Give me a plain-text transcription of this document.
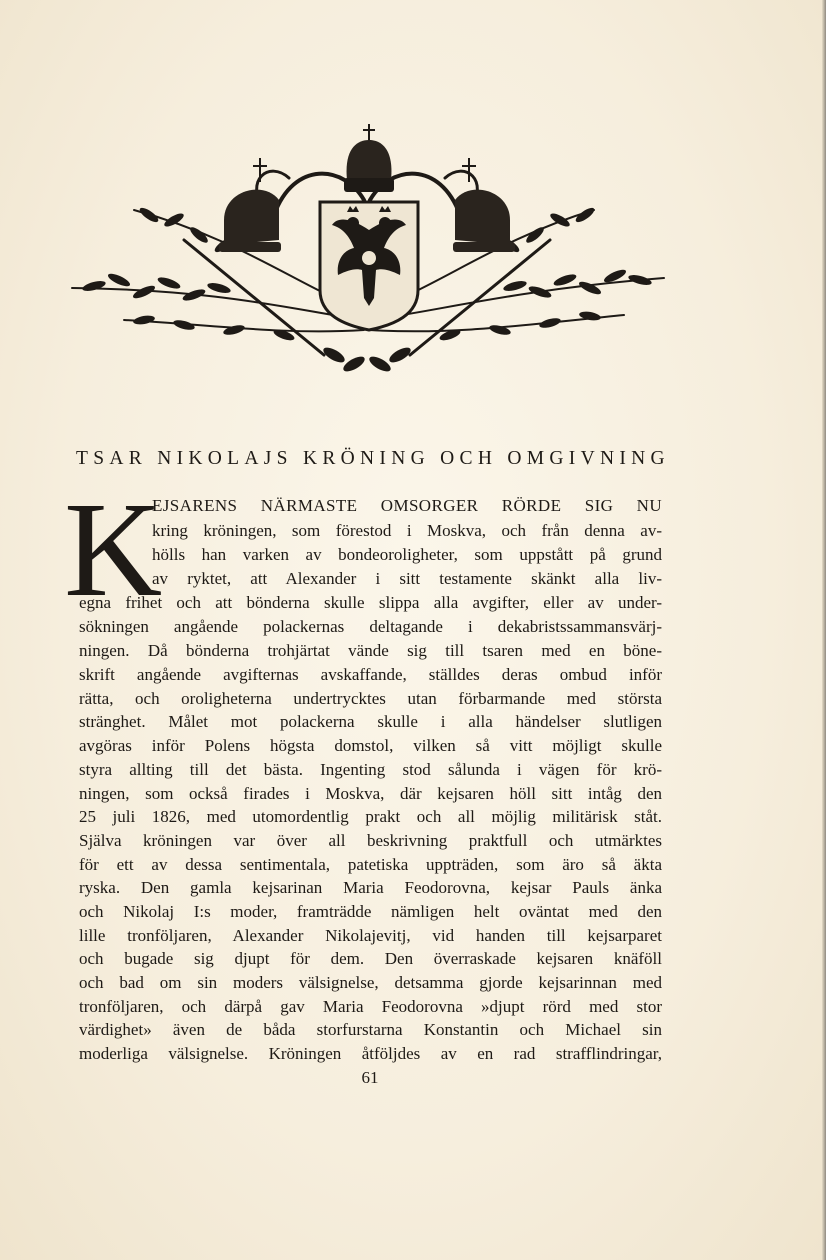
TSAR NIKOLAJS KRÖNING OCH OMGIVNING
K
EJSARENS NÄRMASTE OMSORGER RÖRDE SIG NU
kring kröningen, som förestod i Moskva, och från denna av-
hölls han varken av bondeoroligheter, som uppstått på grund
av ryktet, att Alexander i sitt testamente skänkt alla liv-
egna frihet och att bönderna skulle slippa alla avgifter, eller av under-
sökningen angående polackernas deltagande i dekabristssammansvärj-
ningen. Då bönderna trohjärtat vände sig till tsaren med en böne-
skrift angående avgifternas avskaffande, ställdes deras ombud inför
rätta, och oroligheterna undertrycktes utan förbarmande med största
stränghet. Målet mot polackerna skulle i alla händelser slutligen
avgöras inför Polens högsta domstol, vilken så vitt möjligt skulle
styra allting till det bästa. Ingenting stod sålunda i vägen för krö-
ningen, som också firades i Moskva, där kejsaren höll sitt intåg den
25 juli 1826, med utomordentlig prakt och all möjlig militärisk ståt.
Själva kröningen var över all beskrivning praktfull och utmärktes
för ett av dessa sentimentala, patetiska uppträden, som äro så äkta
ryska. Den gamla kejsarinan Maria Feodorovna, kejsar Pauls änka
och Nikolaj I:s moder, framträdde nämligen helt oväntat med den
lille tronföljaren, Alexander Nikolajevitj, vid handen till kejsarparet
och bugade sig djupt för dem. Den överraskade kejsaren knäföll
och bad om sin moders välsignelse, detsamma gjorde kejsarinnan med
tronföljaren, och därpå gav Maria Feodorovna »djupt rörd med stor
värdighet» även de båda storfurstarna Konstantin och Michael sin
moderliga välsignelse. Kröningen åtföljdes av en rad strafflindringar,
61
